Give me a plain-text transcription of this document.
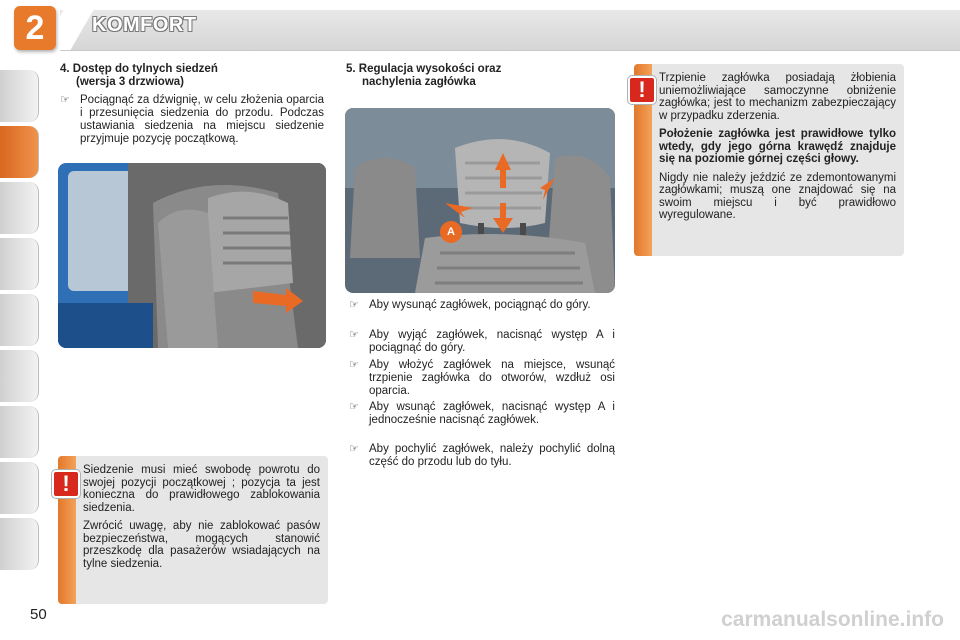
2	KOMFORT
50
4. Dostęp do tylnych siedzeń
(wersja 3 drzwiowa)
☞ Pociągnąć za dźwignię, w celu złożenia oparcia i przesunięcia siedzenia do przodu. Podczas ustawiania siedzenia na miejscu siedzenie przyjmuje pozycję początkową.
!

Siedzenie musi mieć swobodę powrotu do swojej pozycji początkowej ; pozycja ta jest konieczna do prawidłowego zablokowania siedzenia.

Zwrócić uwagę, aby nie zablokować pasów bezpieczeństwa, mogących stanowić przeszkodę dla pasażerów wsiadających na tylne siedzenia.

5. Regulacja wysokości oraz
nachylenia zagłówka
A
☞ Aby wysunąć zagłówek, pociągnąć do góry.
☞ Aby wyjąć zagłówek, nacisnąć występ A i pociągnąć do góry.
☞ Aby włożyć zagłówek na miejsce, wsunąć trzpienie zagłówka do otworów, wzdłuż osi oparcia.
☞ Aby wsunąć zagłówek, nacisnąć występ A i jednocześnie nacisnąć zagłówek.
☞ Aby pochylić zagłówek, należy pochylić dolną część do przodu lub do tyłu.
!	Trzpienie zagłówka posiadają żłobienia uniemożliwiające samoczynne obniżenie zagłówka; jest to mechanizm zabezpieczający w przypadku zderzenia.

Położenie zagłówka jest prawidłowe tylko wtedy, gdy jego górna krawędź znajduje się na poziomie górnej części głowy.

Nigdy nie należy jeździć ze zdemontowanymi zagłówkami; muszą one znajdować się na swoim miejscu i być prawidłowo wyregulowane.

carmanualsonline.info
